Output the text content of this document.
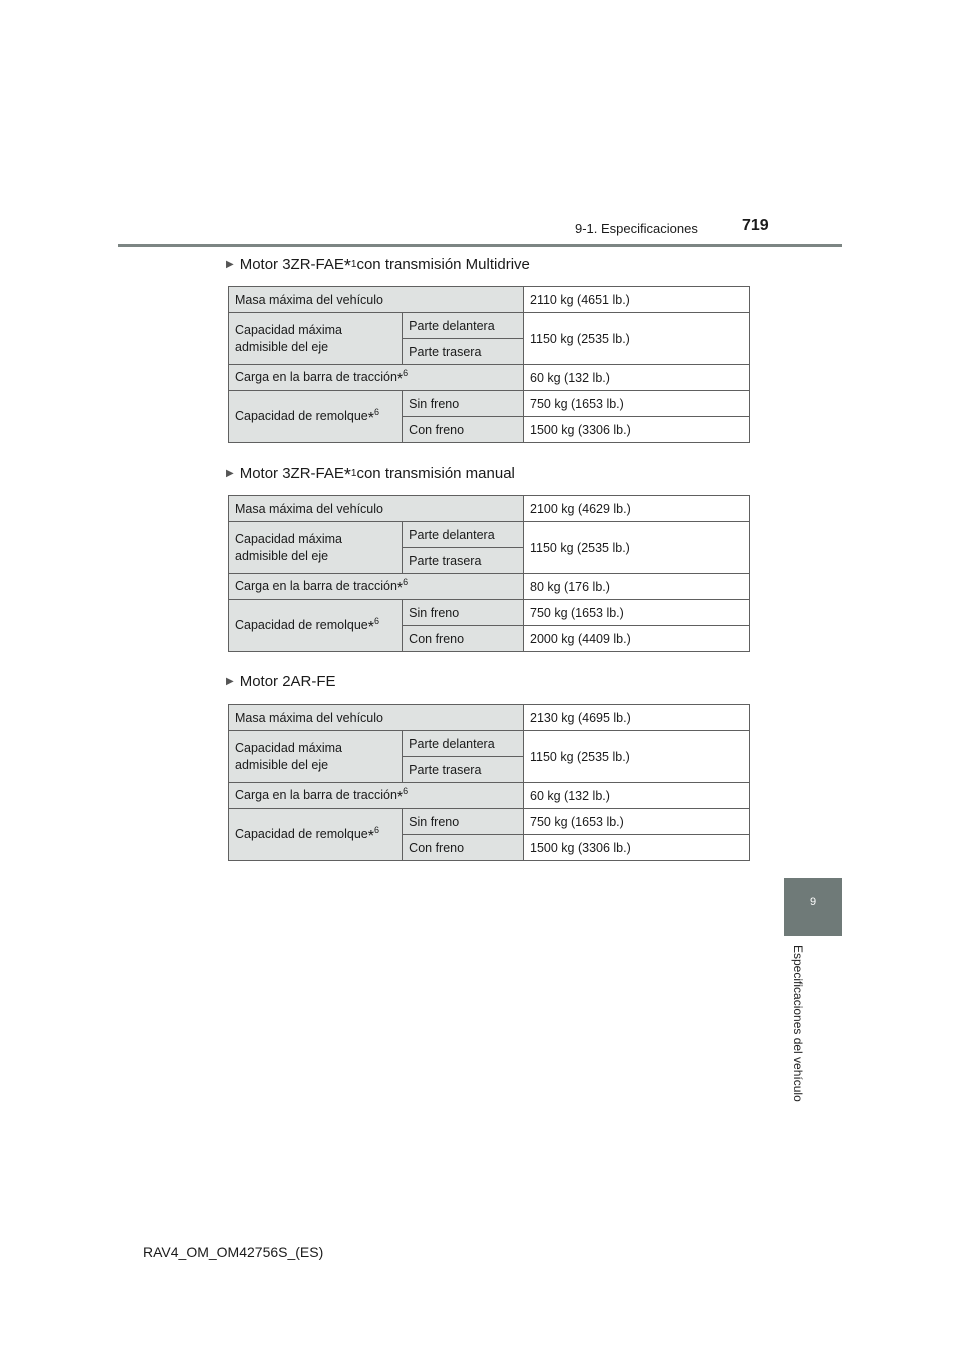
9-1. Especificaciones	719
9
Especificaciones del vehículo
▶ Motor 3ZR-FAE * 1 con transmisión Multidrive
Masa máxima del vehículo		2110 kg (4651 lb.)
Capacidad máxima admisible del eje	Parte delantera	1150 kg (2535 lb.)
	Parte trasera	
Carga en la barra de tracción*$^6$		60 kg (132 lb.)
Capacidad de remolque*$^6$	Sin freno	750 kg (1653 lb.)
	Con freno	1500 kg (3306 lb.)
▶ Motor 3ZR-FAE * 1 con transmisión manual
Masa máxima del vehículo		2100 kg (4629 lb.)
Capacidad máxima admisible del eje	Parte delantera	1150 kg (2535 lb.)
	Parte trasera	
Carga en la barra de tracción*$^6$		80 kg (176 lb.)
Capacidad de remolque*$^6$	Sin freno	750 kg (1653 lb.)
	Con freno	2000 kg (4409 lb.)
▶ Motor 2AR-FE
Masa máxima del vehículo		2130 kg (4695 lb.)
Capacidad máxima admisible del eje	Parte delantera	1150 kg (2535 lb.)
	Parte trasera	
Carga en la barra de tracción*$^6$		60 kg (132 lb.)
Capacidad de remolque*$^6$	Sin freno	750 kg (1653 lb.)
	Con freno	1500 kg (3306 lb.)
RAV4_OM_OM42756S_(ES)
